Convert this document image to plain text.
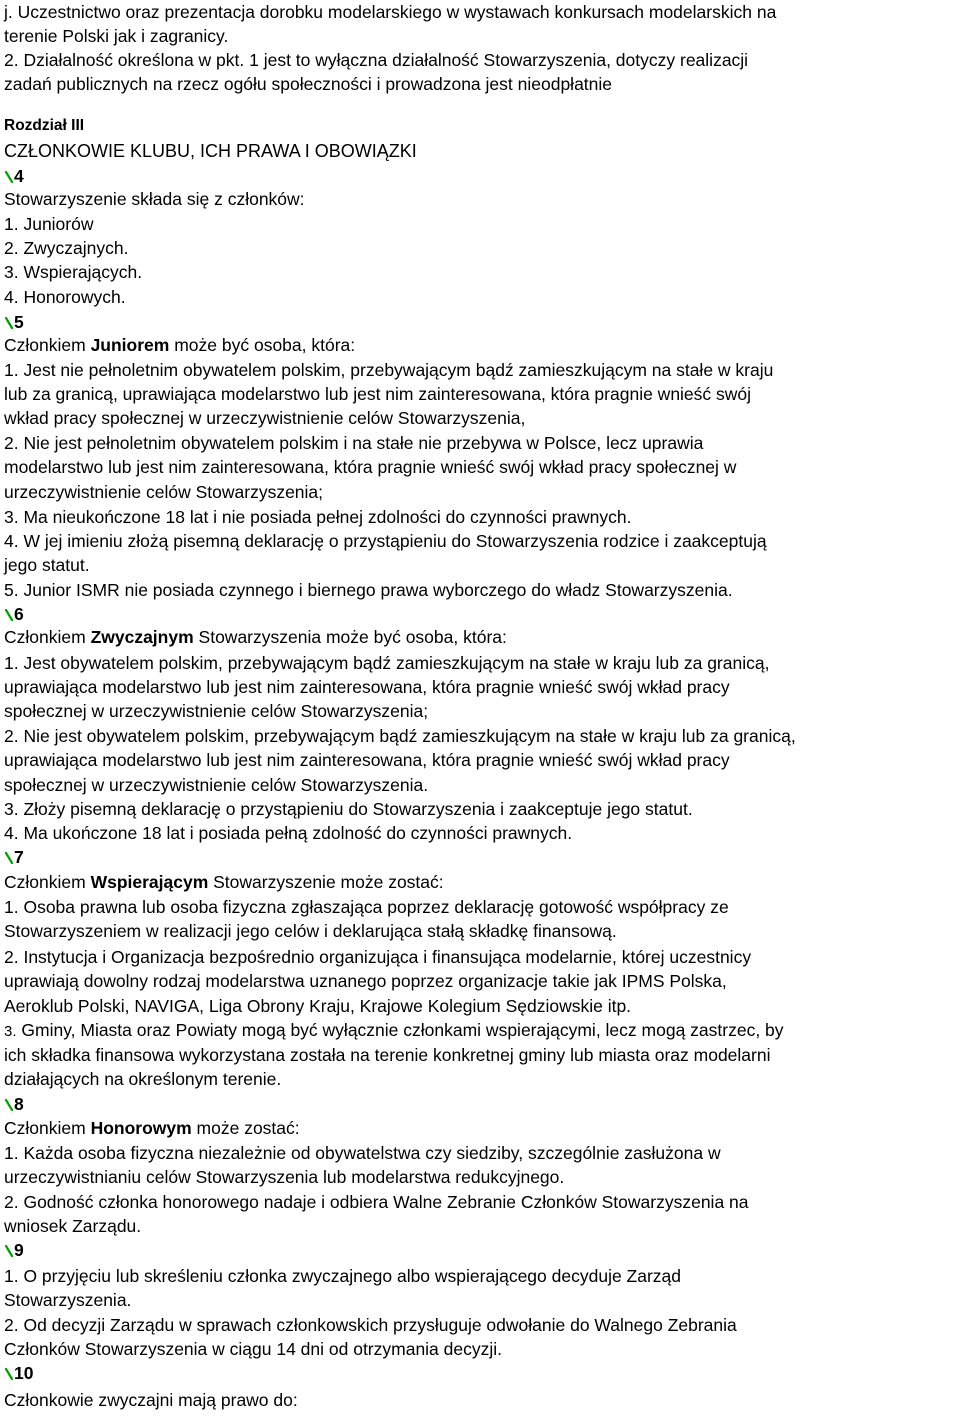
j. Uczestnictwo oraz prezentacja dorobku modelarskiego w wystawach konkursach modelarskich na
terenie Polski jak i zagranicy.
2. Działalność określona w pkt. 1 jest to wyłączna działalność Stowarzyszenia, dotyczy realizacji
zadań publicznych na rzecz ogółu społeczności i prowadzona jest nieodpłatnie
Rozdział III
CZŁONKOWIE KLUBU, ICH PRAWA I OBOWIĄZKI
4
Stowarzyszenie składa się z członków:
1. Juniorów
2. Zwyczajnych.
3. Wspierających.
4. Honorowych.
5
Członkiem Juniorem może być osoba, która:
1. Jest nie pełnoletnim obywatelem polskim, przebywającym bądź zamieszkującym na stałe w kraju
lub za granicą, uprawiająca modelarstwo lub jest nim zainteresowana, która pragnie wnieść swój
wkład pracy społecznej w urzeczywistnienie celów Stowarzyszenia,
2. Nie jest pełnoletnim obywatelem polskim i na stałe nie przebywa w Polsce, lecz uprawia
modelarstwo lub jest nim zainteresowana, która pragnie wnieść swój wkład pracy społecznej w
urzeczywistnienie celów Stowarzyszenia;
3. Ma nieukończone 18 lat i nie posiada pełnej zdolności do czynności prawnych.
4. W jej imieniu złożą pisemną deklarację o przystąpieniu do Stowarzyszenia rodzice i zaakceptują
jego statut.
5. Junior ISMR nie posiada czynnego i biernego prawa wyborczego do władz Stowarzyszenia.
6
Członkiem Zwyczajnym Stowarzyszenia może być osoba, która:
1. Jest obywatelem polskim, przebywającym bądź zamieszkującym na stałe w kraju lub za granicą,
uprawiająca modelarstwo lub jest nim zainteresowana, która pragnie wnieść swój wkład pracy
społecznej w urzeczywistnienie celów Stowarzyszenia;
2. Nie jest obywatelem polskim, przebywającym bądź zamieszkującym na stałe w kraju lub za granicą,
uprawiająca modelarstwo lub jest nim zainteresowana, która pragnie wnieść swój wkład pracy
społecznej w urzeczywistnienie celów Stowarzyszenia.
3. Złoży pisemną deklarację o przystąpieniu do Stowarzyszenia i zaakceptuje jego statut.
4. Ma ukończone 18 lat i posiada pełną zdolność do czynności prawnych.
7
Członkiem Wspierającym Stowarzyszenie może zostać:
1. Osoba prawna lub osoba fizyczna zgłaszająca poprzez deklarację gotowość współpracy ze
Stowarzyszeniem w realizacji jego celów i deklarująca stałą składkę finansową.
2. Instytucja i Organizacja bezpośrednio organizująca i finansująca modelarnie, której uczestnicy
uprawiają dowolny rodzaj modelarstwa uznanego poprzez organizacje takie jak IPMS Polska,
Aeroklub Polski, NAVIGA, Liga Obrony Kraju, Krajowe Kolegium Sędziowskie itp.
3. Gminy, Miasta oraz Powiaty mogą być wyłącznie członkami wspierającymi, lecz mogą zastrzec, by
ich składka finansowa wykorzystana została na terenie konkretnej gminy lub miasta oraz modelarni
działających na określonym terenie.
8
Członkiem Honorowym może zostać:
1. Każda osoba fizyczna niezależnie od obywatelstwa czy siedziby, szczególnie zasłużona w
urzeczywistnianiu celów Stowarzyszenia lub modelarstwa redukcyjnego.
2. Godność członka honorowego nadaje i odbiera Walne Zebranie Członków Stowarzyszenia na
wniosek Zarządu.
9
1. O przyjęciu lub skreśleniu członka zwyczajnego albo wspierającego decyduje Zarząd
Stowarzyszenia.
2. Od decyzji Zarządu w sprawach członkowskich przysługuje odwołanie do Walnego Zebrania
Członków Stowarzyszenia w ciągu 14 dni od otrzymania decyzji.
10
Członkowie zwyczajni mają prawo do:
